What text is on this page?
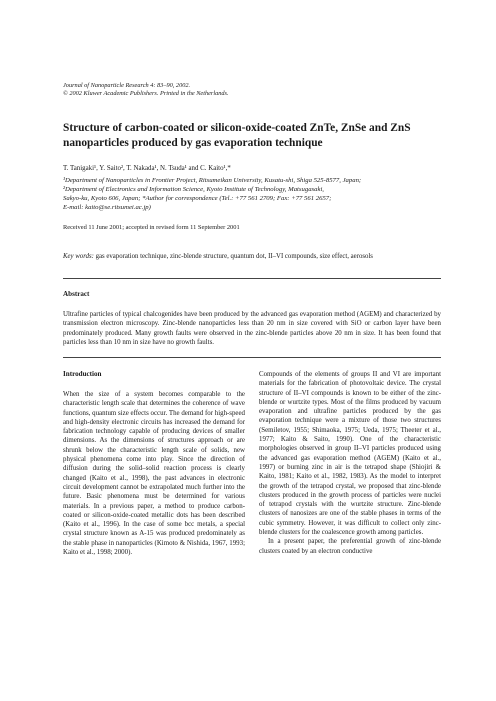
Journal of Nanoparticle Research 4: 83–90, 2002.
© 2002 Kluwer Academic Publishers. Printed in the Netherlands.
Structure of carbon-coated or silicon-oxide-coated ZnTe, ZnSe and ZnS nanoparticles produced by gas evaporation technique
T. Tanigaki¹, Y. Saito², T. Nakada¹, N. Tsuda¹ and C. Kaito¹,*
¹Department of Nanoparticles in Frontier Project, Ritsumeikan University, Kusatu-shi, Shiga 525-8577, Japan;
²Department of Electronics and Information Science, Kyoto Institute of Technology, Matsugasaki,
Sakyo-ku, Kyoto 606, Japan; *Author for correspondence (Tel.: +77 561 2709; Fax: +77 561 2657;
E-mail: kaito@se.ritsumei.ac.jp)
Received 11 June 2001; accepted in revised form 11 September 2001
Key words: gas evaporation technique, zinc-blende structure, quantum dot, II–VI compounds, size effect, aerosols
Abstract
Ultrafine particles of typical chalcogenides have been produced by the advanced gas evaporation method (AGEM) and characterized by transmission electron microscopy. Zinc-blende nanoparticles less than 20 nm in size covered with SiO or carbon layer have been predominately produced. Many growth faults were observed in the zinc-blende particles above 20 nm in size. It has been found that particles less than 10 nm in size have no growth faults.
Introduction

When the size of a system becomes comparable to the characteristic length scale that determines the coherence of wave functions, quantum size effects occur. The demand for high-speed and high-density electronic circuits has increased the demand for fabrication technology capable of producing devices of smaller dimensions. As the dimensions of structures approach or are shrunk below the characteristic length scale of solids, new physical phenomena come into play. Since the direction of diffusion during the solid–solid reaction process is clearly changed (Kaito et al., 1998), the past advances in electronic circuit development cannot be extrapolated much further into the future. Basic phenomena must be determined for various materials. In a previous paper, a method to produce carbon-coated or silicon-oxide-coated metallic dots has been described (Kaito et al., 1996). In the case of some bcc metals, a special crystal structure known as A-15 was produced predominately as the stable phase in nanoparticles (Kimoto & Nishida, 1967, 1993; Kaito et al., 1998; 2000).

Compounds of the elements of groups II and VI are important materials for the fabrication of photovoltaic device. The crystal structure of II–VI compounds is known to be either of the zinc-blende or wurtzite types. Most of the films produced by vacuum evaporation and ultrafine particles produced by the gas evaporation technique were a mixture of those two structures (Semiletov, 1955; Shimaoka, 1975; Ueda, 1975; Theeter et al., 1977; Kaito & Saito, 1990). One of the characteristic morphologies observed in group II–VI particles produced using the advanced gas evaporation method (AGEM) (Kaito et al., 1997) or burning zinc in air is the tetrapod shape (Shiojiri & Kaito, 1981; Kaito et al., 1982, 1983). As the model to interpret the growth of the tetrapod crystal, we proposed that zinc-blende clusters produced in the growth process of particles were nuclei of tetrapod crystals with the wurtzite structure. Zinc-blende clusters of nanosizes are one of the stable phases in terms of the cubic symmetry. However, it was difficult to collect only zinc-blende clusters for the coalescence growth among particles.

In a present paper, the preferential growth of zinc-blende clusters coated by an electron conductive
